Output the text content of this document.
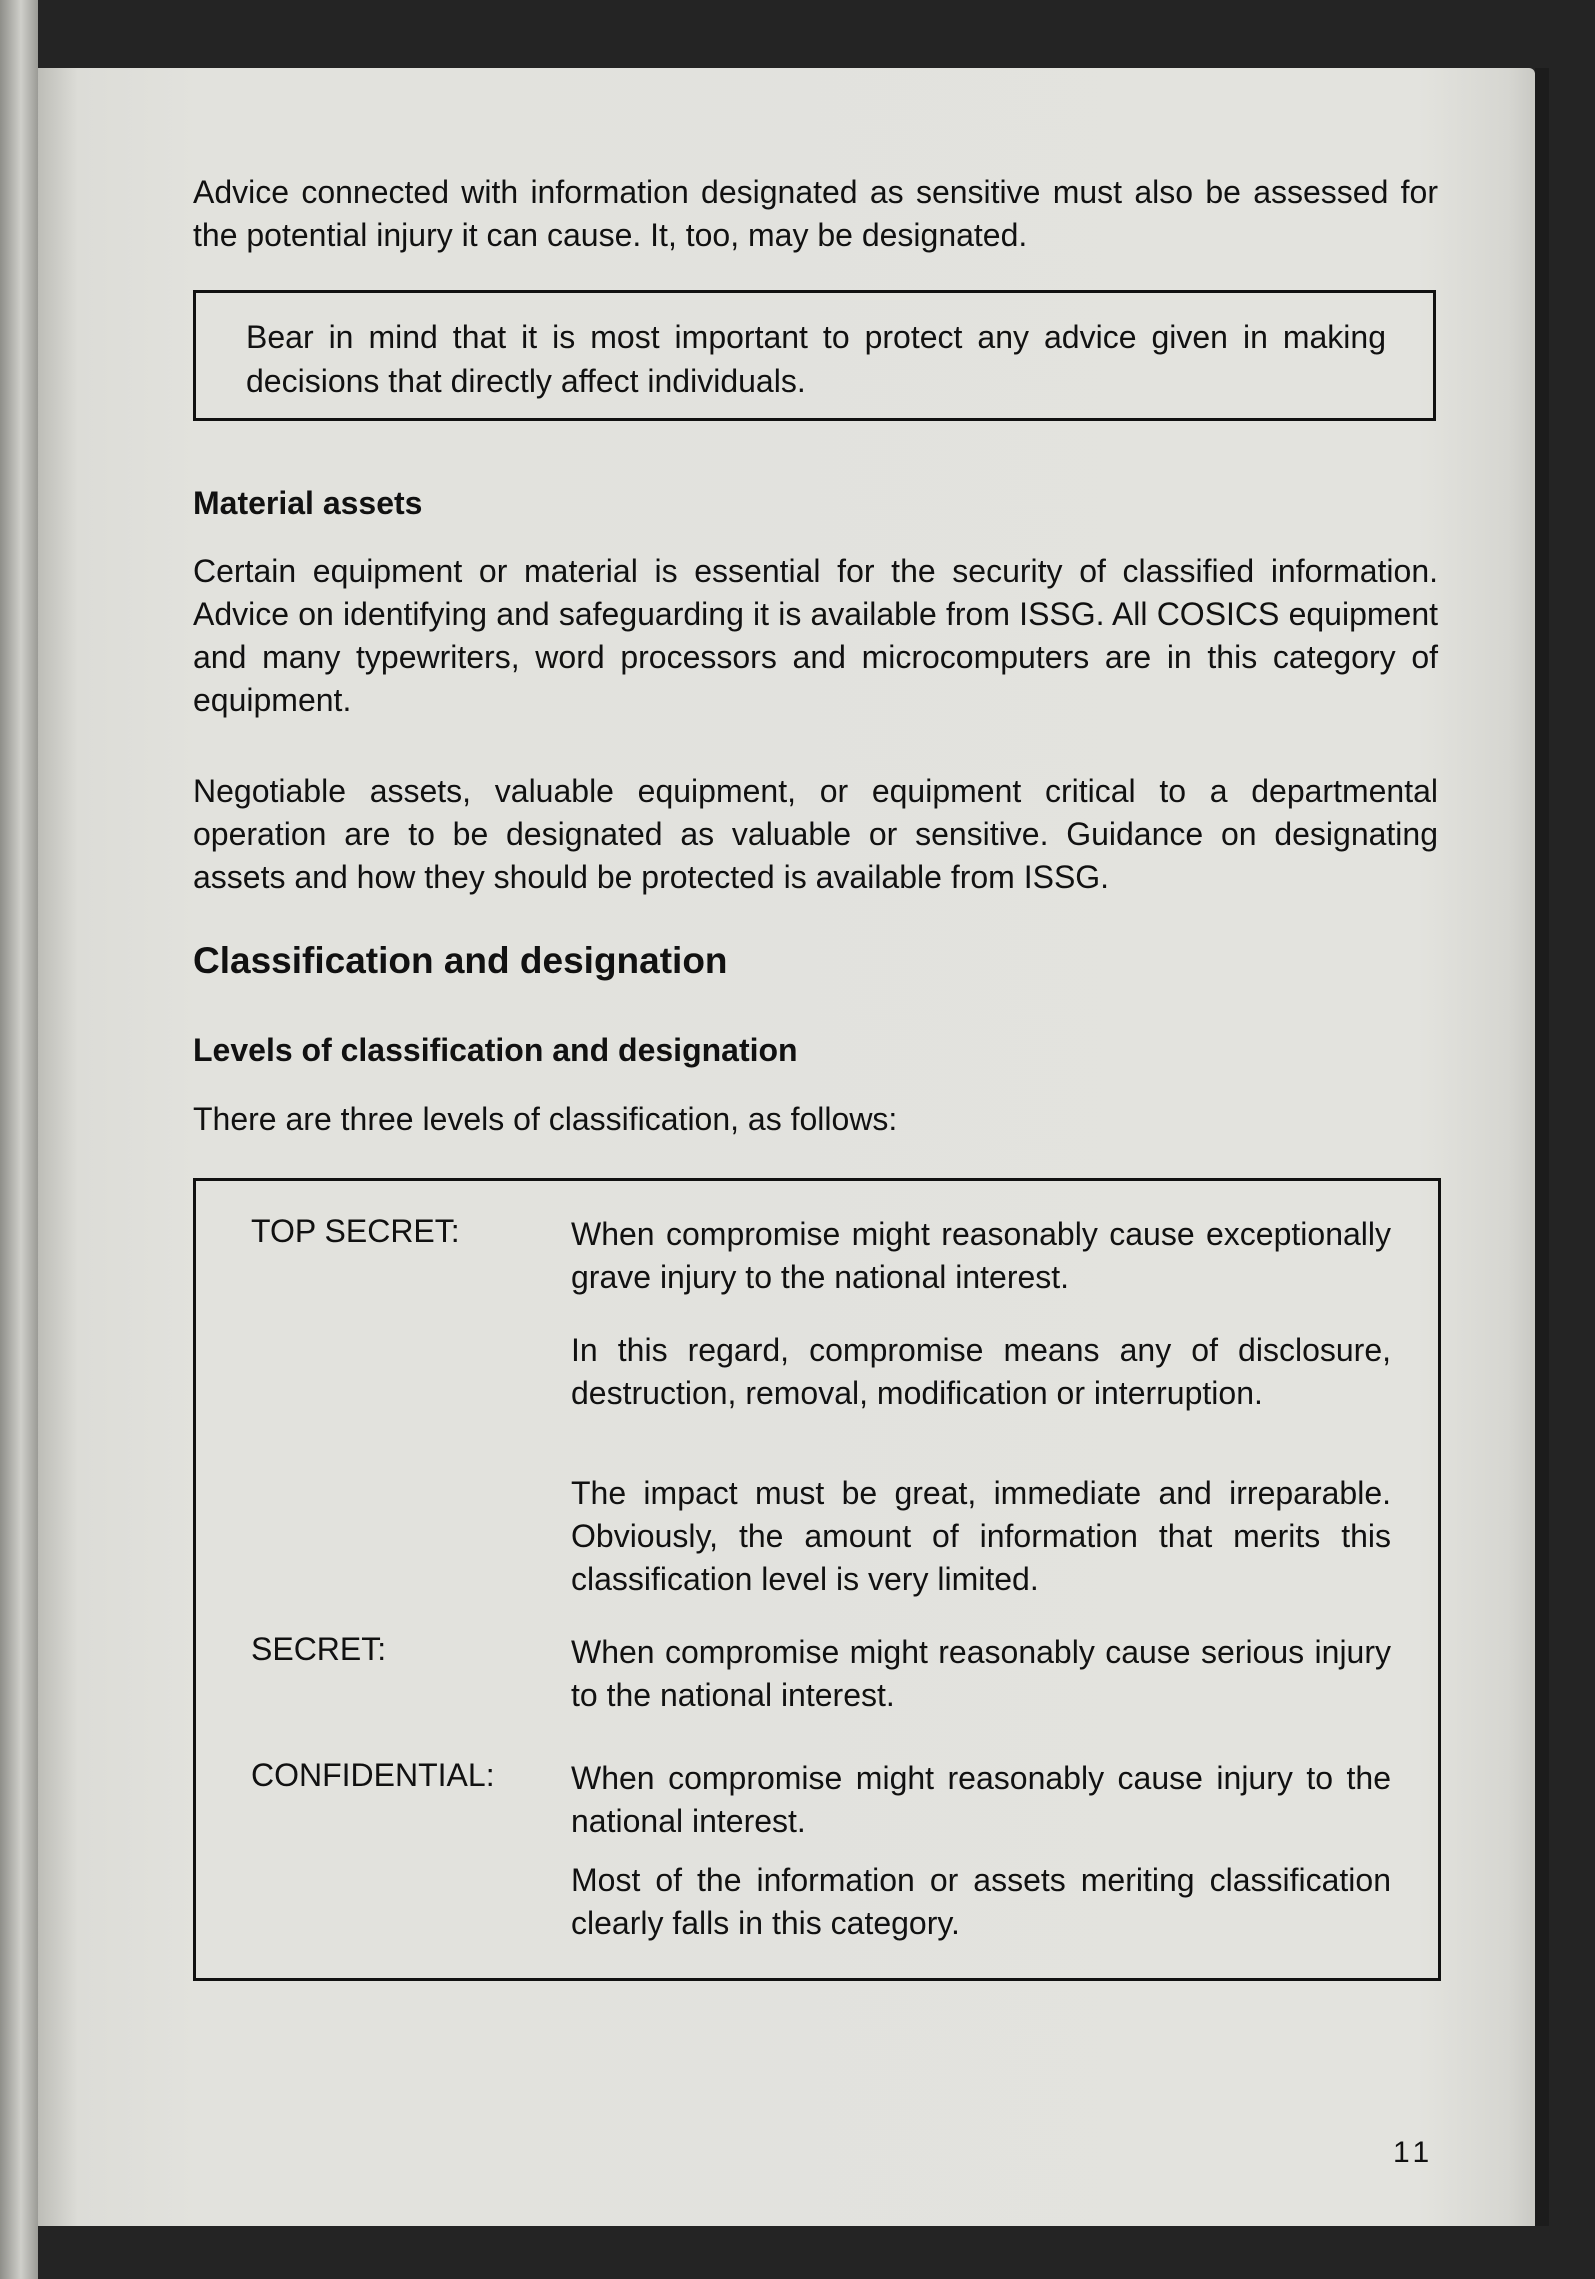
Advice connected with information designated as sensitive must also be assessed for the potential injury it can cause. It, too, may be designated.

Bear in mind that it is most important to protect any advice given in making decisions that directly affect individuals.

Material assets

Certain equipment or material is essential for the security of classified information. Advice on identifying and safeguarding it is available from ISSG. All COSICS equipment and many typewriters, word processors and microcomputers are in this category of equipment.

Negotiable assets, valuable equipment, or equipment critical to a departmental operation are to be designated as valuable or sensitive. Guidance on designating assets and how they should be protected is available from ISSG.

Classification and designation
Levels of classification and designation

There are three levels of classification, as follows:

TOP SECRET:	When compromise might reasonably cause exceptionally grave injury to the national interest.

In this regard, compromise means any of disclosure, destruction, removal, modification or interruption.

The impact must be great, immediate and irreparable. Obviously, the amount of information that merits this classification level is very limited.

SECRET:	When compromise might reasonably cause serious injury to the national interest.

CONFIDENTIAL: When compromise might reasonably cause injury to the national interest.

Most of the information or assets meriting classification clearly falls in this category.

11
